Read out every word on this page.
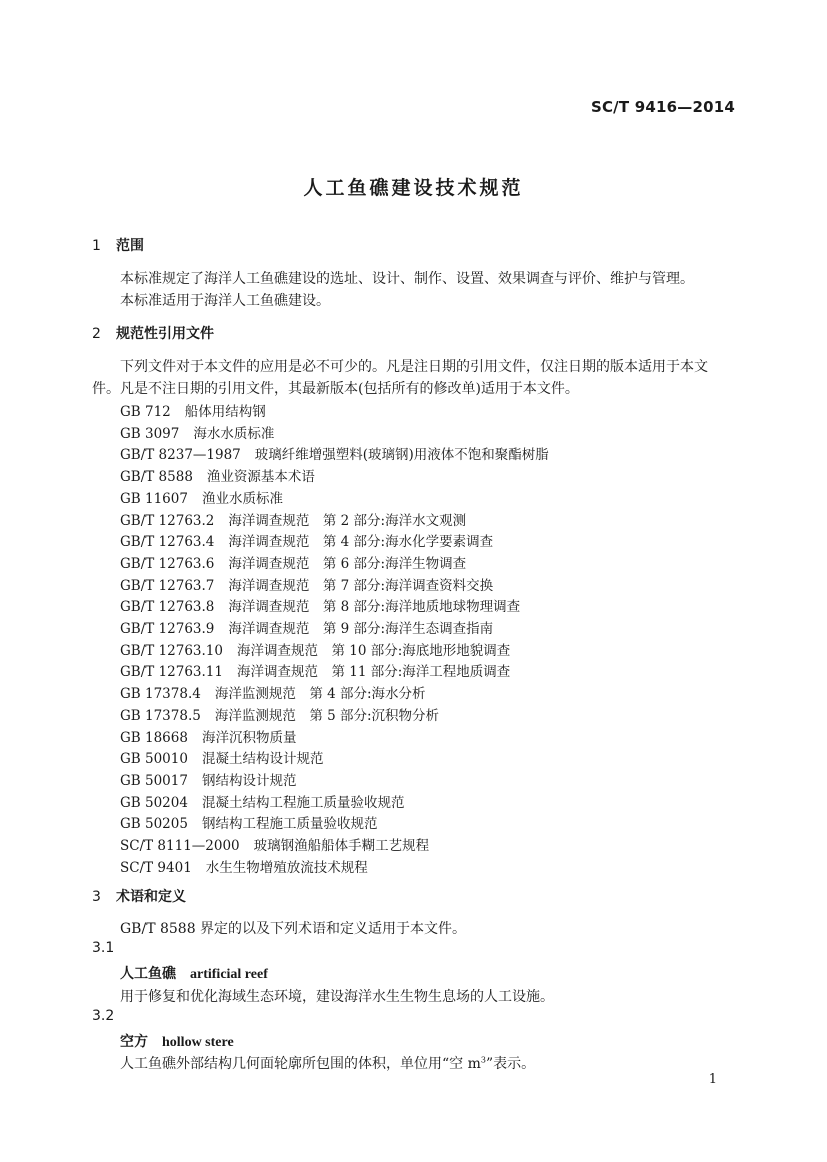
SC/T 9416—2014
人工鱼礁建设技术规范
1 范围
本标准规定了海洋人工鱼礁建设的选址、设计、制作、设置、效果调查与评价、维护与管理。
本标准适用于海洋人工鱼礁建设。
2 规范性引用文件
下列文件对于本文件的应用是必不可少的。凡是注日期的引用文件，仅注日期的版本适用于本文
件。凡是不注日期的引用文件，其最新版本(包括所有的修改单)适用于本文件。
GB 712 船体用结构钢
GB 3097 海水水质标准
GB/T 8237—1987 玻璃纤维增强塑料(玻璃钢)用液体不饱和聚酯树脂
GB/T 8588 渔业资源基本术语
GB 11607 渔业水质标准
GB/T 12763.2 海洋调查规范　第 2 部分:海洋水文观测
GB/T 12763.4 海洋调查规范　第 4 部分:海水化学要素调查
GB/T 12763.6 海洋调查规范　第 6 部分:海洋生物调查
GB/T 12763.7 海洋调查规范　第 7 部分:海洋调查资料交换
GB/T 12763.8 海洋调查规范　第 8 部分:海洋地质地球物理调查
GB/T 12763.9 海洋调查规范　第 9 部分:海洋生态调查指南
GB/T 12763.10 海洋调查规范　第 10 部分:海底地形地貌调查
GB/T 12763.11 海洋调查规范　第 11 部分:海洋工程地质调查
GB 17378.4 海洋监测规范　第 4 部分:海水分析
GB 17378.5 海洋监测规范　第 5 部分:沉积物分析
GB 18668 海洋沉积物质量
GB 50010 混凝土结构设计规范
GB 50017 钢结构设计规范
GB 50204 混凝土结构工程施工质量验收规范
GB 50205 钢结构工程施工质量验收规范
SC/T 8111—2000 玻璃钢渔船船体手糊工艺规程
SC/T 9401 水生生物增殖放流技术规程
3 术语和定义
GB/T 8588 界定的以及下列术语和定义适用于本文件。
3.1
人工鱼礁 artificial reef
用于修复和优化海域生态环境，建设海洋水生生物生息场的人工设施。
3.2
空方 hollow stere
人工鱼礁外部结构几何面轮廓所包围的体积，单位用“空 $m^3$”表示。
1
